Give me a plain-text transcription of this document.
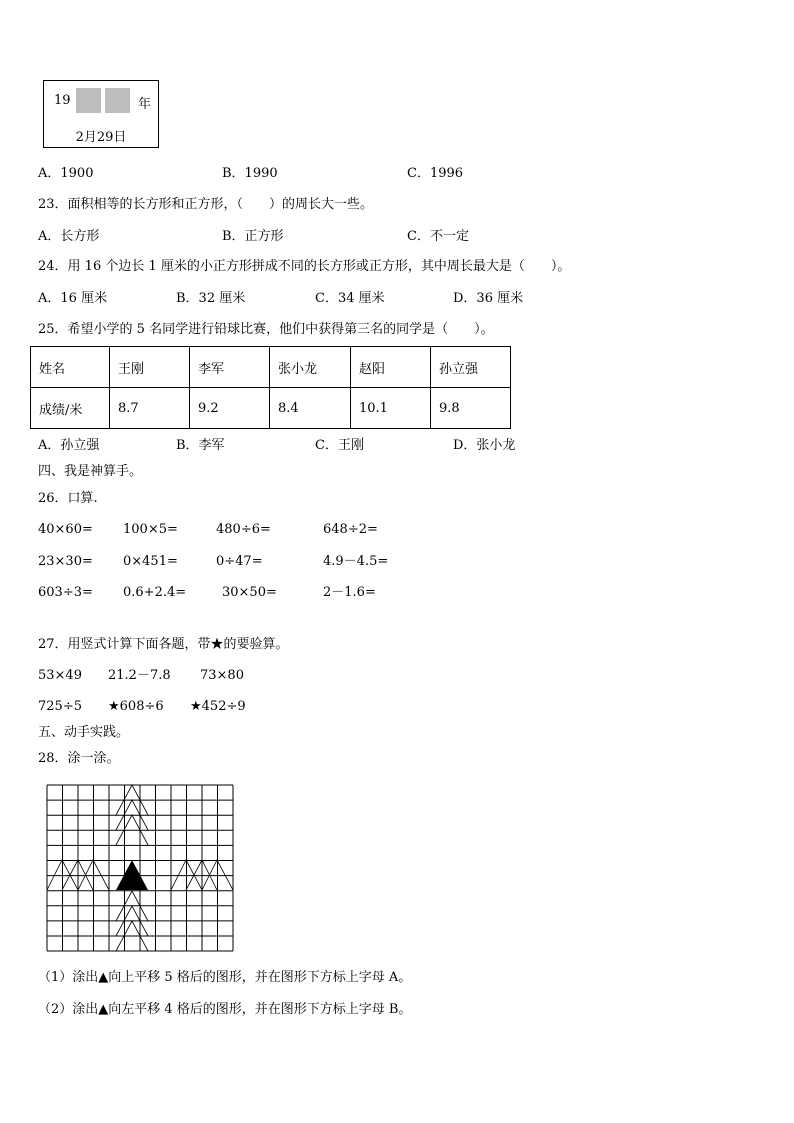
19	年
2月29日
A．1900	B．1990	C．1996
23．面积相等的长方形和正方形，（　　）的周长大一些。
A．长方形	B．正方形	C．不一定
24．用 16 个边长 1 厘米的小正方形拼成不同的长方形或正方形，其中周长最大是（　　）。
A．16 厘米	B．32 厘米	C．34 厘米	D．36 厘米
25．希望小学的 5 名同学进行铅球比赛，他们中获得第三名的同学是（　　）。
姓名	王刚	李军	张小龙	赵阳	孙立强
成绩/米	8.7	9.2	8.4	10.1	9.8
A．孙立强	B．李军	C．王刚	D．张小龙
四、我是神算手。
26．口算.
40×60= 100×5=	480÷6=	648÷2=
23×30= 0×451=	0÷47=	4.9－4.5=
603÷3= 0.6+2.4=	30×50=	2－1.6=
27．用竖式计算下面各题，带★的要验算。
53×49 21.2－7.8 73×80
725÷5 ★608÷6 ★452÷9
五、动手实践。
28．涂一涂。
（1）涂出▲向上平移 5 格后的图形，并在图形下方标上字母 A。
（2）涂出▲向左平移 4 格后的图形，并在图形下方标上字母 B。
